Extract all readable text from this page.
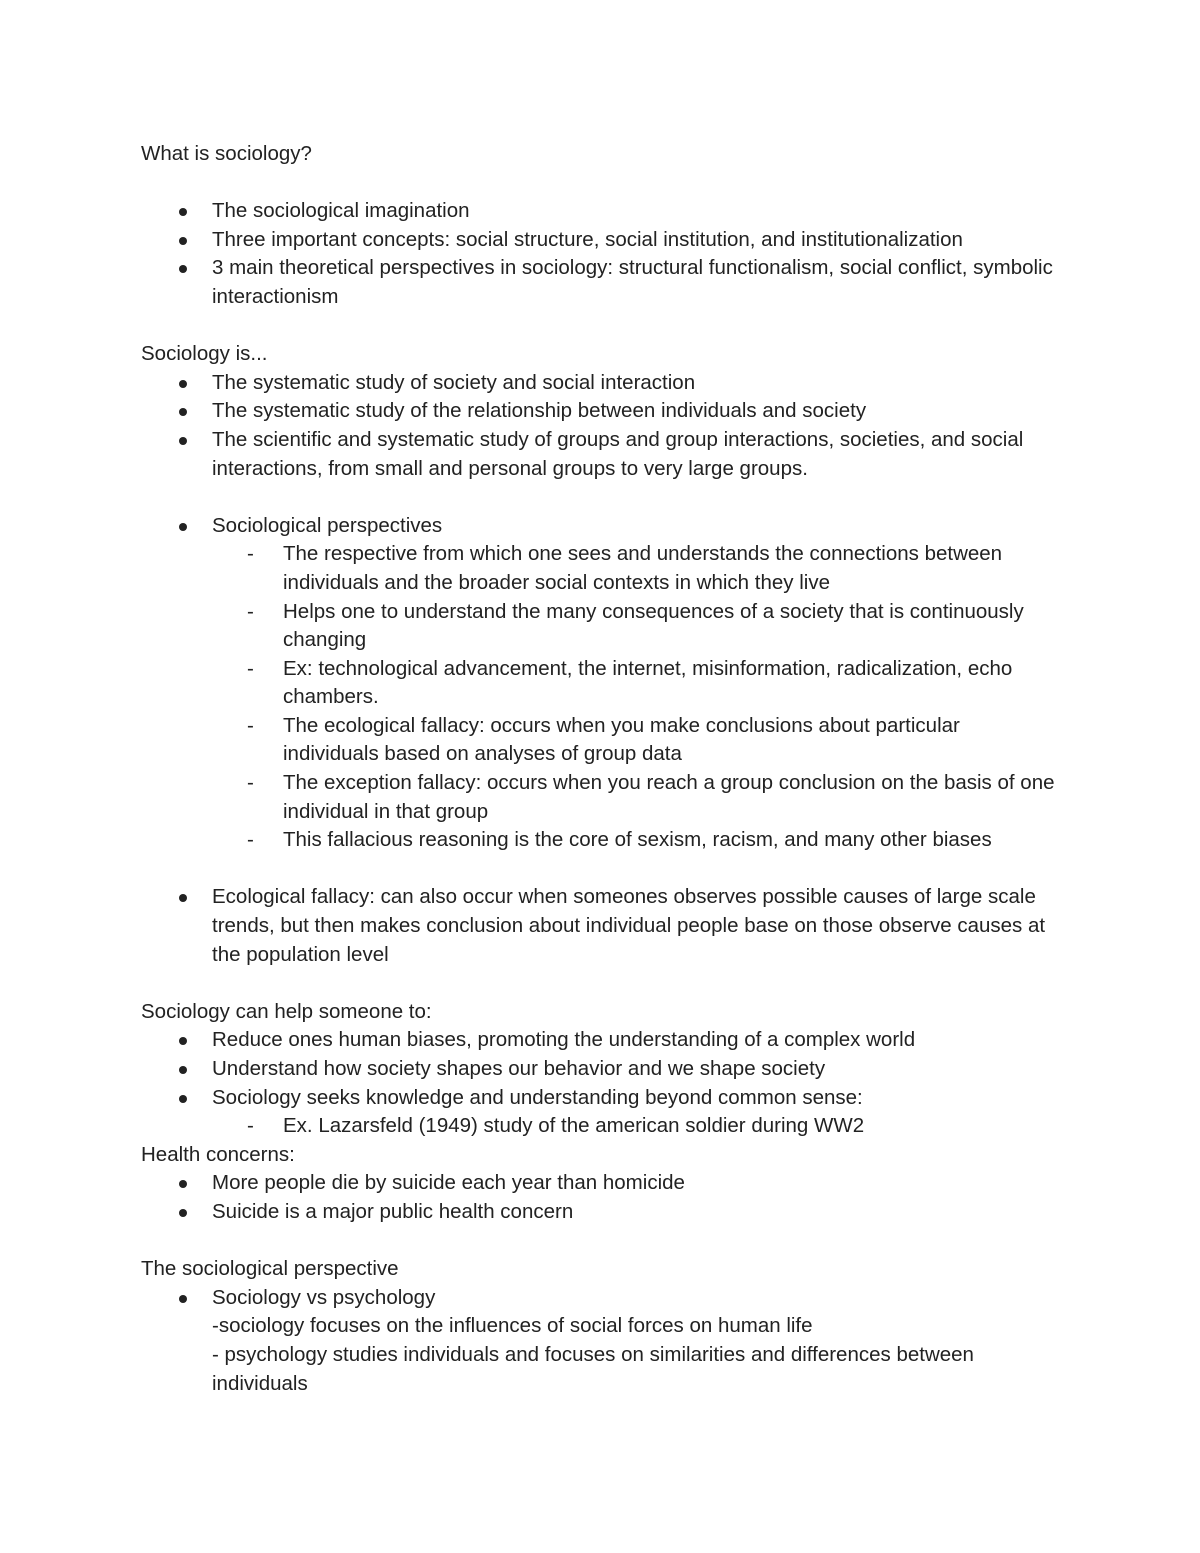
What is sociology?
The sociological imagination
Three important concepts: social structure, social institution, and institutionalization
3 main theoretical perspectives in sociology: structural functionalism, social conflict, symbolic interactionism
Sociology is...
The systematic study of society and social interaction
The systematic study of the relationship between individuals and society
The scientific and systematic study of groups and group interactions, societies, and social interactions, from small and personal groups to very large groups.
Sociological perspectives
-	The respective from which one sees and understands the connections between individuals and the broader social contexts in which they live
-	Helps one to understand the many consequences of a society that is continuously changing
-	Ex: technological advancement, the internet, misinformation, radicalization, echo chambers.
-	The ecological fallacy: occurs when you make conclusions about particular individuals based on analyses of group data
-	The exception fallacy: occurs when you reach a group conclusion on the basis of one individual in that group
-	This fallacious reasoning is the core of sexism, racism, and many other biases
Ecological fallacy: can also occur when someones observes possible causes of large scale trends, but then makes conclusion about individual people base on those observe causes at the population level
Sociology can help someone to:
Reduce ones human biases, promoting the understanding of a complex world
Understand how society shapes our behavior and we shape society
Sociology seeks knowledge and understanding beyond common sense:
-	Ex. Lazarsfeld (1949) study of the american soldier during WW2
Health concerns:
More people die by suicide each year than homicide
Suicide is a major public health concern
The sociological perspective
Sociology vs psychology
-sociology focuses on the influences of social forces on human life
- psychology studies individuals and focuses on similarities and differences between individuals
